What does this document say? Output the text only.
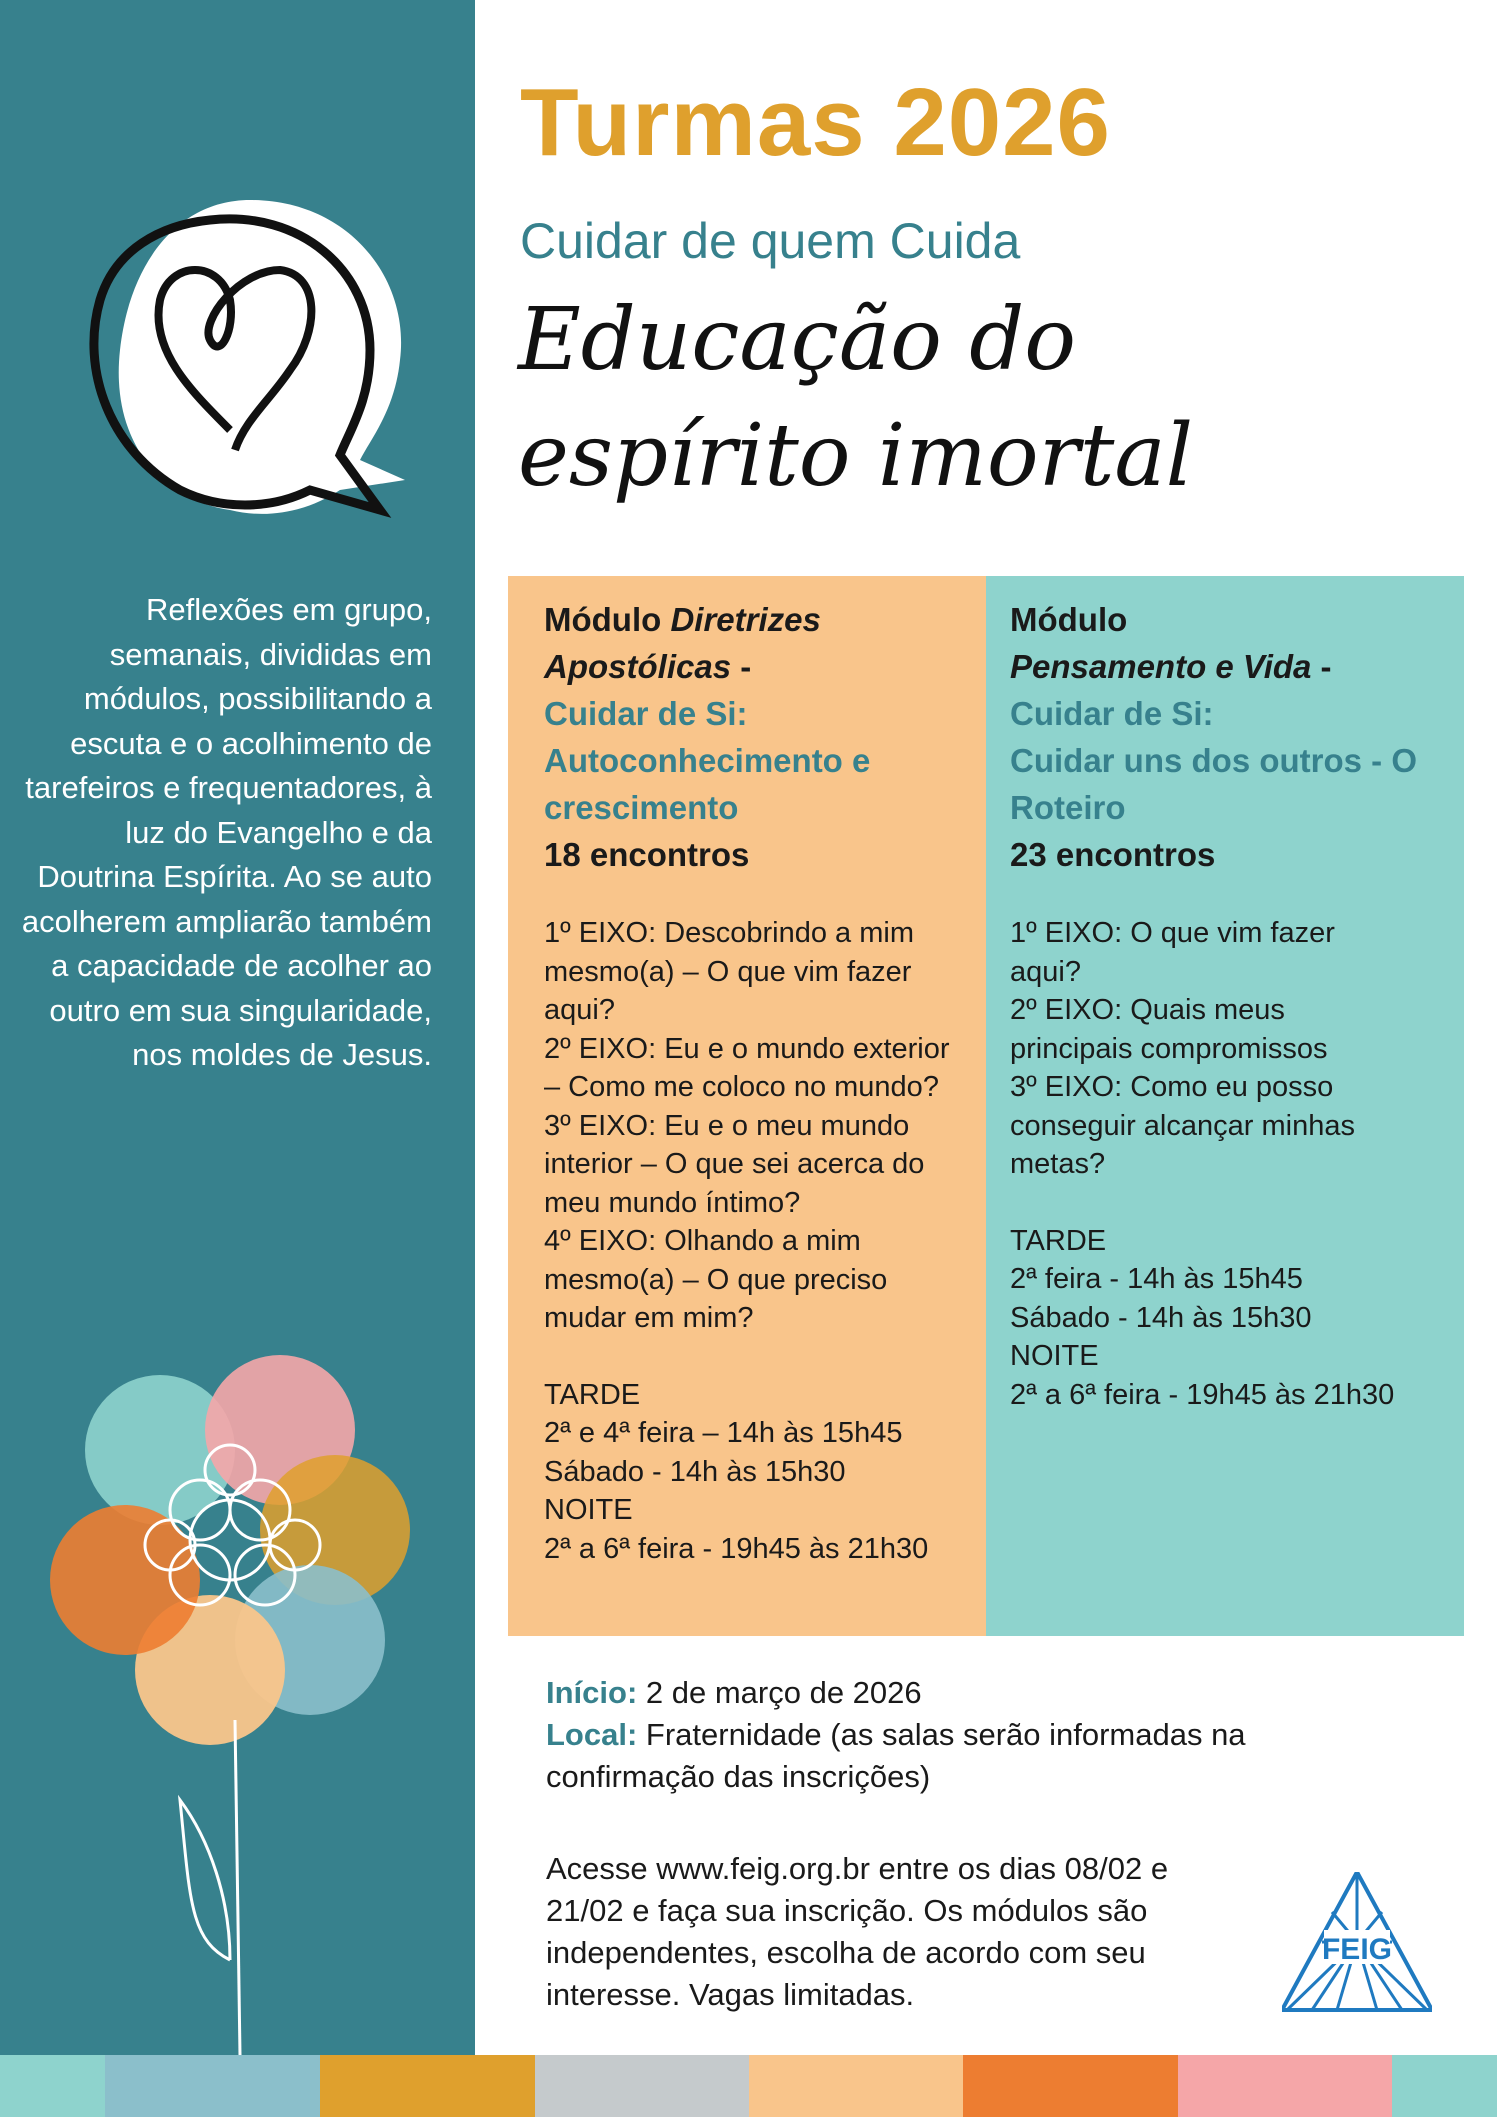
Reflexões em grupo, semanais, divididas em módulos, possibilitando a escuta e o acolhimento de tarefeiros e frequentadores, à luz do Evangelho e da Doutrina Espírita. Ao se auto acolherem ampliarão também a capacidade de acolher ao outro em sua singularidade, nos moldes de Jesus.
Turmas 2026
Cuidar de quem Cuida
Educação do
espírito imortal
Módulo Diretrizes Apostólicas -
Cuidar de Si:
Autoconhecimento e crescimento
18 encontros
1º EIXO: Descobrindo a mim mesmo(a) – O que vim fazer aqui?
2º EIXO: Eu e o mundo exterior – Como me coloco no mundo?
3º EIXO: Eu e o meu mundo interior – O que sei acerca do meu mundo íntimo?
4º EIXO: Olhando a mim mesmo(a) – O que preciso mudar em mim?
TARDE
2ª e 4ª feira – 14h às 15h45
Sábado - 14h às 15h30
NOITE
2ª a 6ª feira - 19h45 às 21h30
Módulo
Pensamento e Vida -
Cuidar de Si:
Cuidar uns dos outros - O Roteiro
23 encontros
1º EIXO: O que vim fazer aqui?
2º EIXO: Quais meus principais compromissos
3º EIXO: Como eu posso conseguir alcançar minhas metas?
TARDE
2ª feira - 14h às 15h45
Sábado - 14h às 15h30
NOITE
2ª a 6ª feira - 19h45 às 21h30
Início: 2 de março de 2026
Local: Fraternidade (as salas serão informadas na confirmação das inscrições)
Acesse www.feig.org.br entre os dias 08/02 e 21/02 e faça sua inscrição. Os módulos são independentes, escolha de acordo com seu interesse. Vagas limitadas.
FEIG
